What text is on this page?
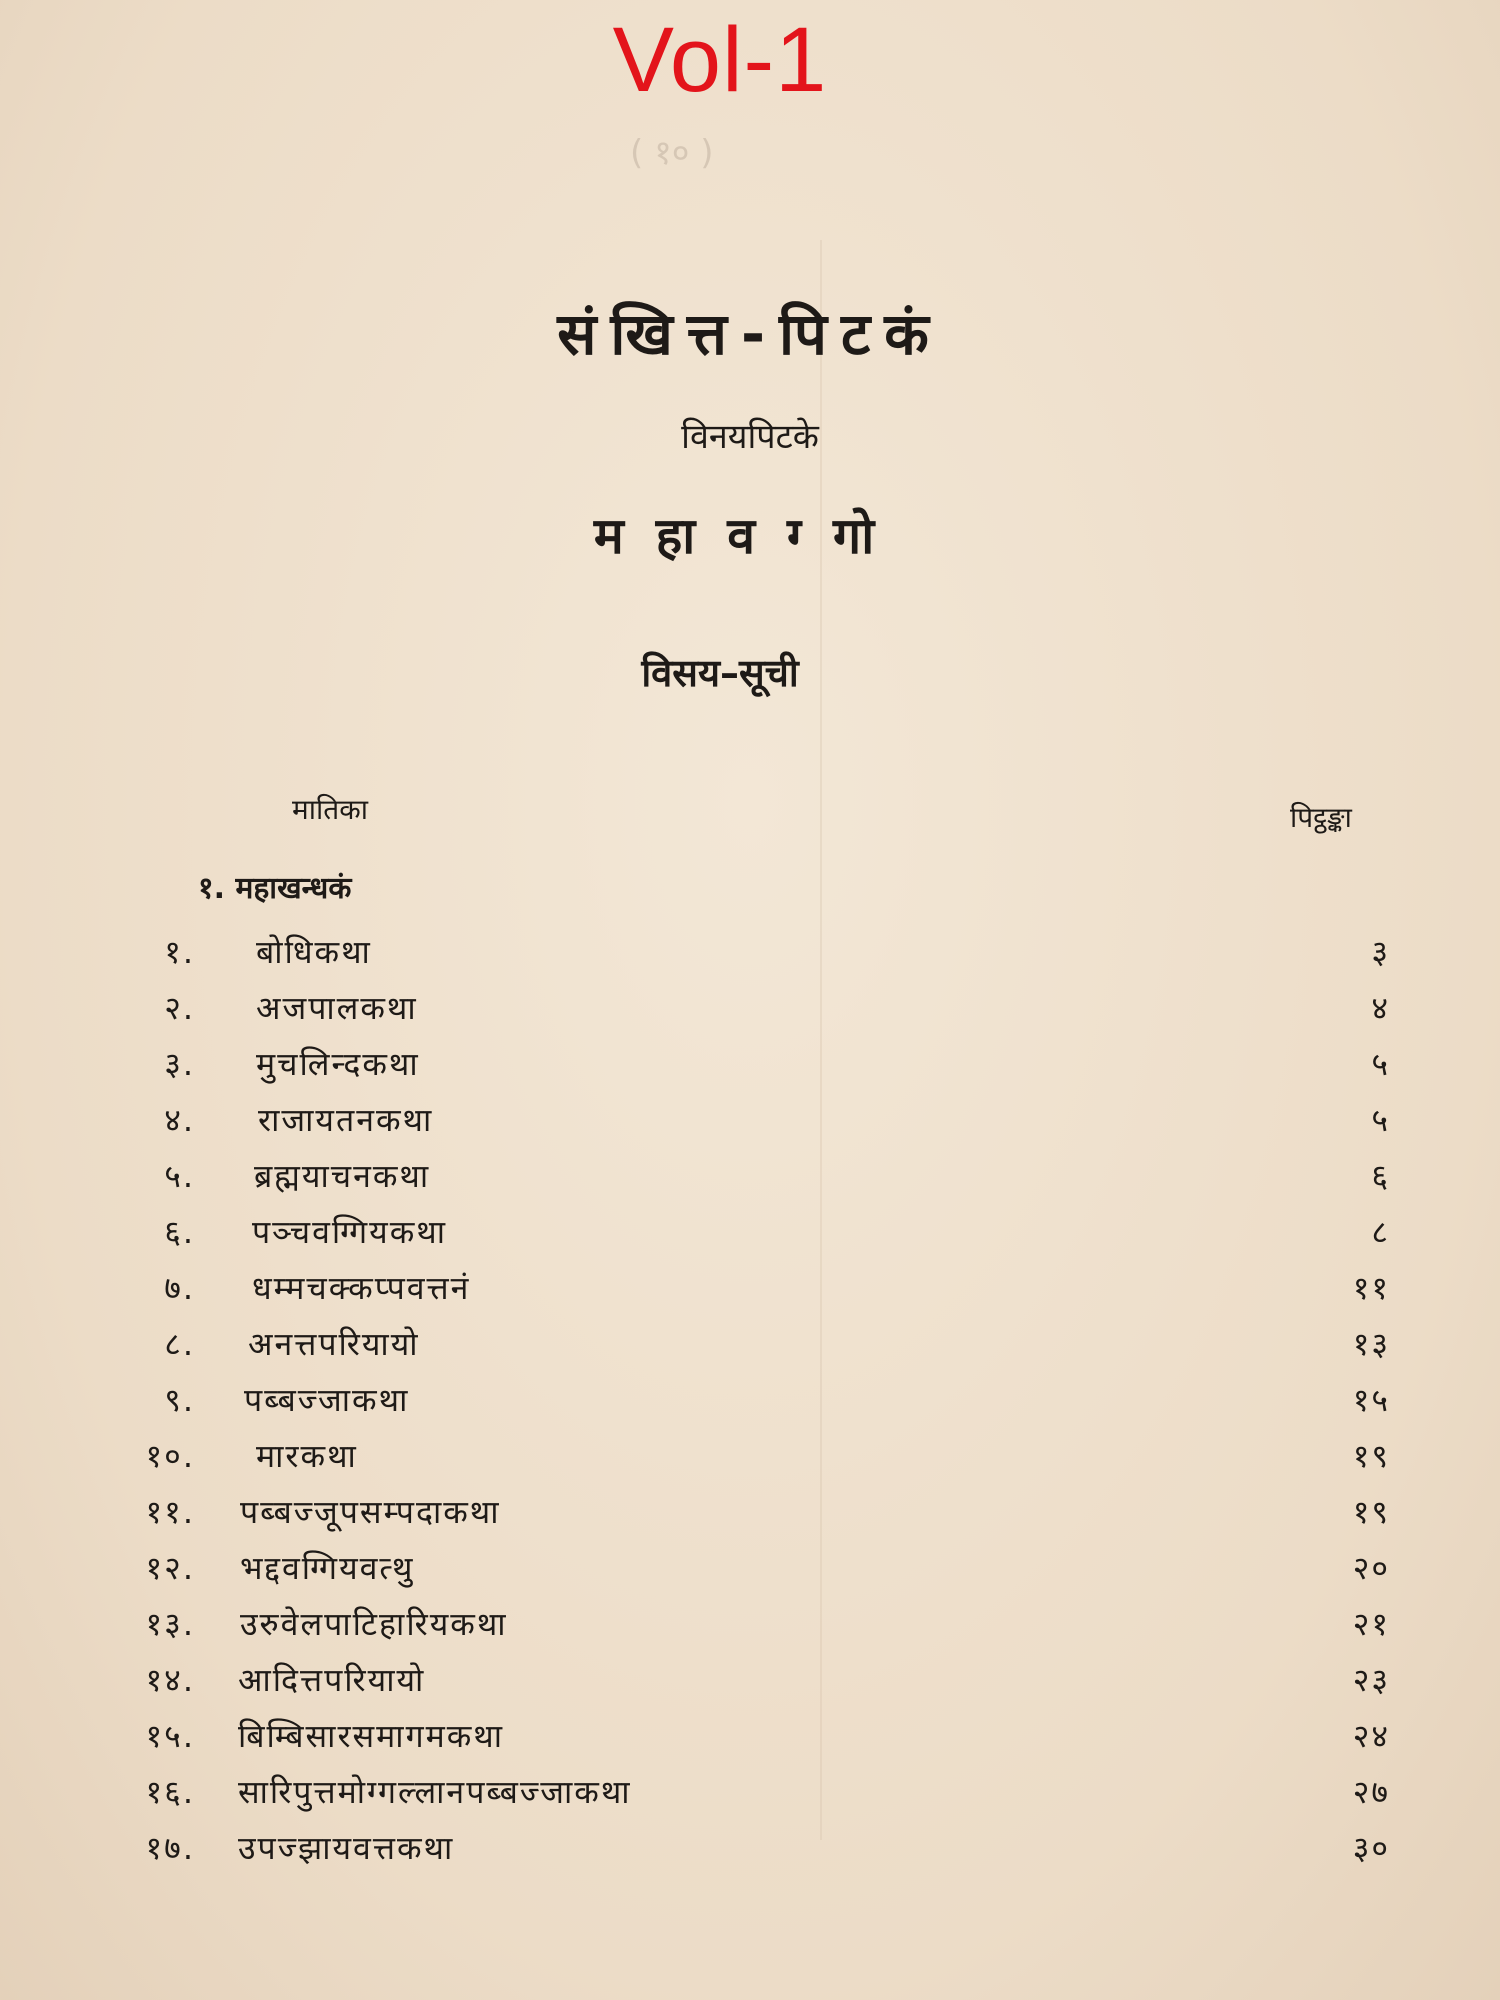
Vol-1
( १० )
संखित्त-पिटकं
विनयपिटके
महावग्गो
विसय–सूची
मातिका	पिट्ठङ्का
१. महाखन्धकं
१. बोधिकथा	३
२. अजपालकथा	४
३. मुचलिन्दकथा	५
४. राजायतनकथा	५
५. ब्रह्मयाचनकथा	६
६. पञ्चवग्गियकथा	८
७. धम्मचक्कप्पवत्तनं	११
८. अनत्तपरियायो	१३
९. पब्बज्जाकथा	१५
१०. मारकथा	१९
११. पब्बज्जूपसम्पदाकथा	१९
१२. भद्दवग्गियवत्थु	२०
१३. उरुवेलपाटिहारियकथा	२१
१४. आदित्तपरियायो	२३
१५. बिम्बिसारसमागमकथा	२४
१६. सारिपुत्तमोग्गल्लानपब्बज्जाकथा	२७
१७. उपज्झायवत्तकथा	३०
